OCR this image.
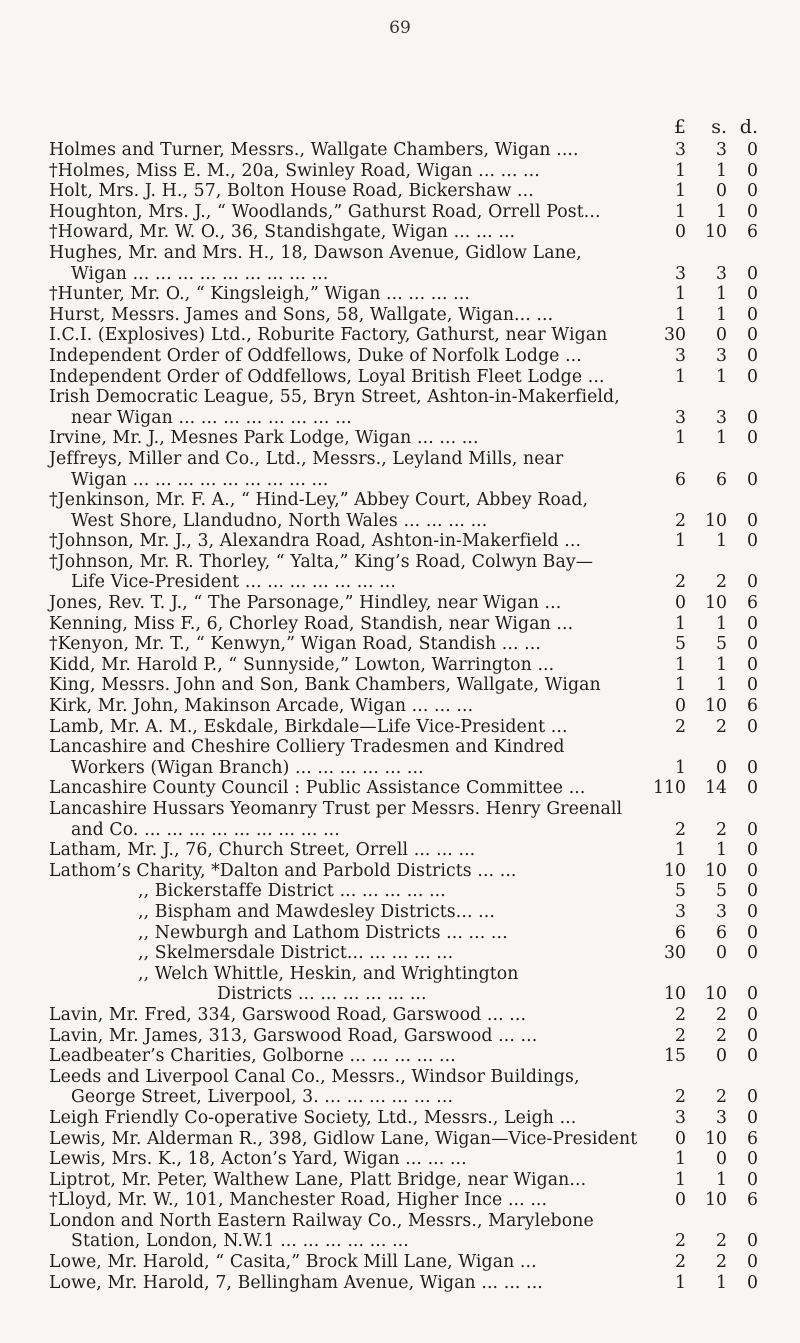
69
£	s. d.
Holmes and Turner, Messrs., Wallgate Chambers, Wigan ....	3	3	0
†Holmes, Miss E. M., 20a, Swinley Road, Wigan ... ... ...	1	1	0
Holt, Mrs. J. H., 57, Bolton House Road, Bickershaw ...	1	0	0
Houghton, Mrs. J., “ Woodlands,” Gathurst Road, Orrell Post...	1	1	0
†Howard, Mr. W. O., 36, Standishgate, Wigan ... ... ...	0	10	6
Hughes, Mr. and Mrs. H., 18, Dawson Avenue, Gidlow Lane,
Wigan ... ... ... ... ... ... ... ... ...	3	3	0
†Hunter, Mr. O., “ Kingsleigh,” Wigan ... ... ... ...	1	1	0
Hurst, Messrs. James and Sons, 58, Wallgate, Wigan... ...	1	1	0
I.C.I. (Explosives) Ltd., Roburite Factory, Gathurst, near Wigan	30	0	0
Independent Order of Oddfellows, Duke of Norfolk Lodge ...	3	3	0
Independent Order of Oddfellows, Loyal British Fleet Lodge ...	1	1	0
Irish Democratic League, 55, Bryn Street, Ashton-in-Makerfield,
near Wigan ... ... ... ... ... ... ... ...	3	3	0
Irvine, Mr. J., Mesnes Park Lodge, Wigan ... ... ...	1	1	0
Jeffreys, Miller and Co., Ltd., Messrs., Leyland Mills, near
Wigan ... ... ... ... ... ... ... ... ...	6	6	0
†Jenkinson, Mr. F. A., “ Hind-Ley,” Abbey Court, Abbey Road,
West Shore, Llandudno, North Wales ... ... ... ...	2	10	0
†Johnson, Mr. J., 3, Alexandra Road, Ashton-in-Makerfield ...	1	1	0
†Johnson, Mr. R. Thorley, “ Yalta,” King’s Road, Colwyn Bay—
Life Vice-President ... ... ... ... ... ... ...	2	2	0
Jones, Rev. T. J., “ The Parsonage,” Hindley, near Wigan ...	0	10	6
Kenning, Miss F., 6, Chorley Road, Standish, near Wigan ...	1	1	0
†Kenyon, Mr. T., “ Kenwyn,” Wigan Road, Standish ... ...	5	5	0
Kidd, Mr. Harold P., “ Sunnyside,” Lowton, Warrington ...	1	1	0
King, Messrs. John and Son, Bank Chambers, Wallgate, Wigan	1	1	0
Kirk, Mr. John, Makinson Arcade, Wigan ... ... ...	0	10	6
Lamb, Mr. A. M., Eskdale, Birkdale—Life Vice-President ...	2	2	0
Lancashire and Cheshire Colliery Tradesmen and Kindred
Workers (Wigan Branch) ... ... ... ... ... ...	1	0	0
Lancashire County Council : Public Assistance Committee ...	110	14	0
Lancashire Hussars Yeomanry Trust per Messrs. Henry Greenall
and Co. ... ... ... ... ... ... ... ... ...	2	2	0
Latham, Mr. J., 76, Church Street, Orrell ... ... ...	1	1	0
Lathom’s Charity, *Dalton and Parbold Districts ... ...	10	10	0
,, Bickerstaffe District ... ... ... ... ...	5	5	0
,, Bispham and Mawdesley Districts... ...	3	3	0
,, Newburgh and Lathom Districts ... ... ...	6	6	0
,, Skelmersdale District... ... ... ... ...	30	0	0
,, Welch Whittle, Heskin, and Wrightington
Districts ... ... ... ... ... ...	10	10	0
Lavin, Mr. Fred, 334, Garswood Road, Garswood ... ...	2	2	0
Lavin, Mr. James, 313, Garswood Road, Garswood ... ...	2	2	0
Leadbeater’s Charities, Golborne ... ... ... ... ...	15	0	0
Leeds and Liverpool Canal Co., Messrs., Windsor Buildings,
George Street, Liverpool, 3. ... ... ... ... ... ...	2	2	0
Leigh Friendly Co-operative Society, Ltd., Messrs., Leigh ...	3	3	0
Lewis, Mr. Alderman R., 398, Gidlow Lane, Wigan—Vice-President	0	10	6
Lewis, Mrs. K., 18, Acton’s Yard, Wigan ... ... ...	1	0	0
Liptrot, Mr. Peter, Walthew Lane, Platt Bridge, near Wigan...	1	1	0
†Lloyd, Mr. W., 101, Manchester Road, Higher Ince ... ...	0	10	6
London and North Eastern Railway Co., Messrs., Marylebone
Station, London, N.W.1 ... ... ... ... ... ...	2	2	0
Lowe, Mr. Harold, “ Casita,” Brock Mill Lane, Wigan ...	2	2	0
Lowe, Mr. Harold, 7, Bellingham Avenue, Wigan ... ... ...	1	1	0
